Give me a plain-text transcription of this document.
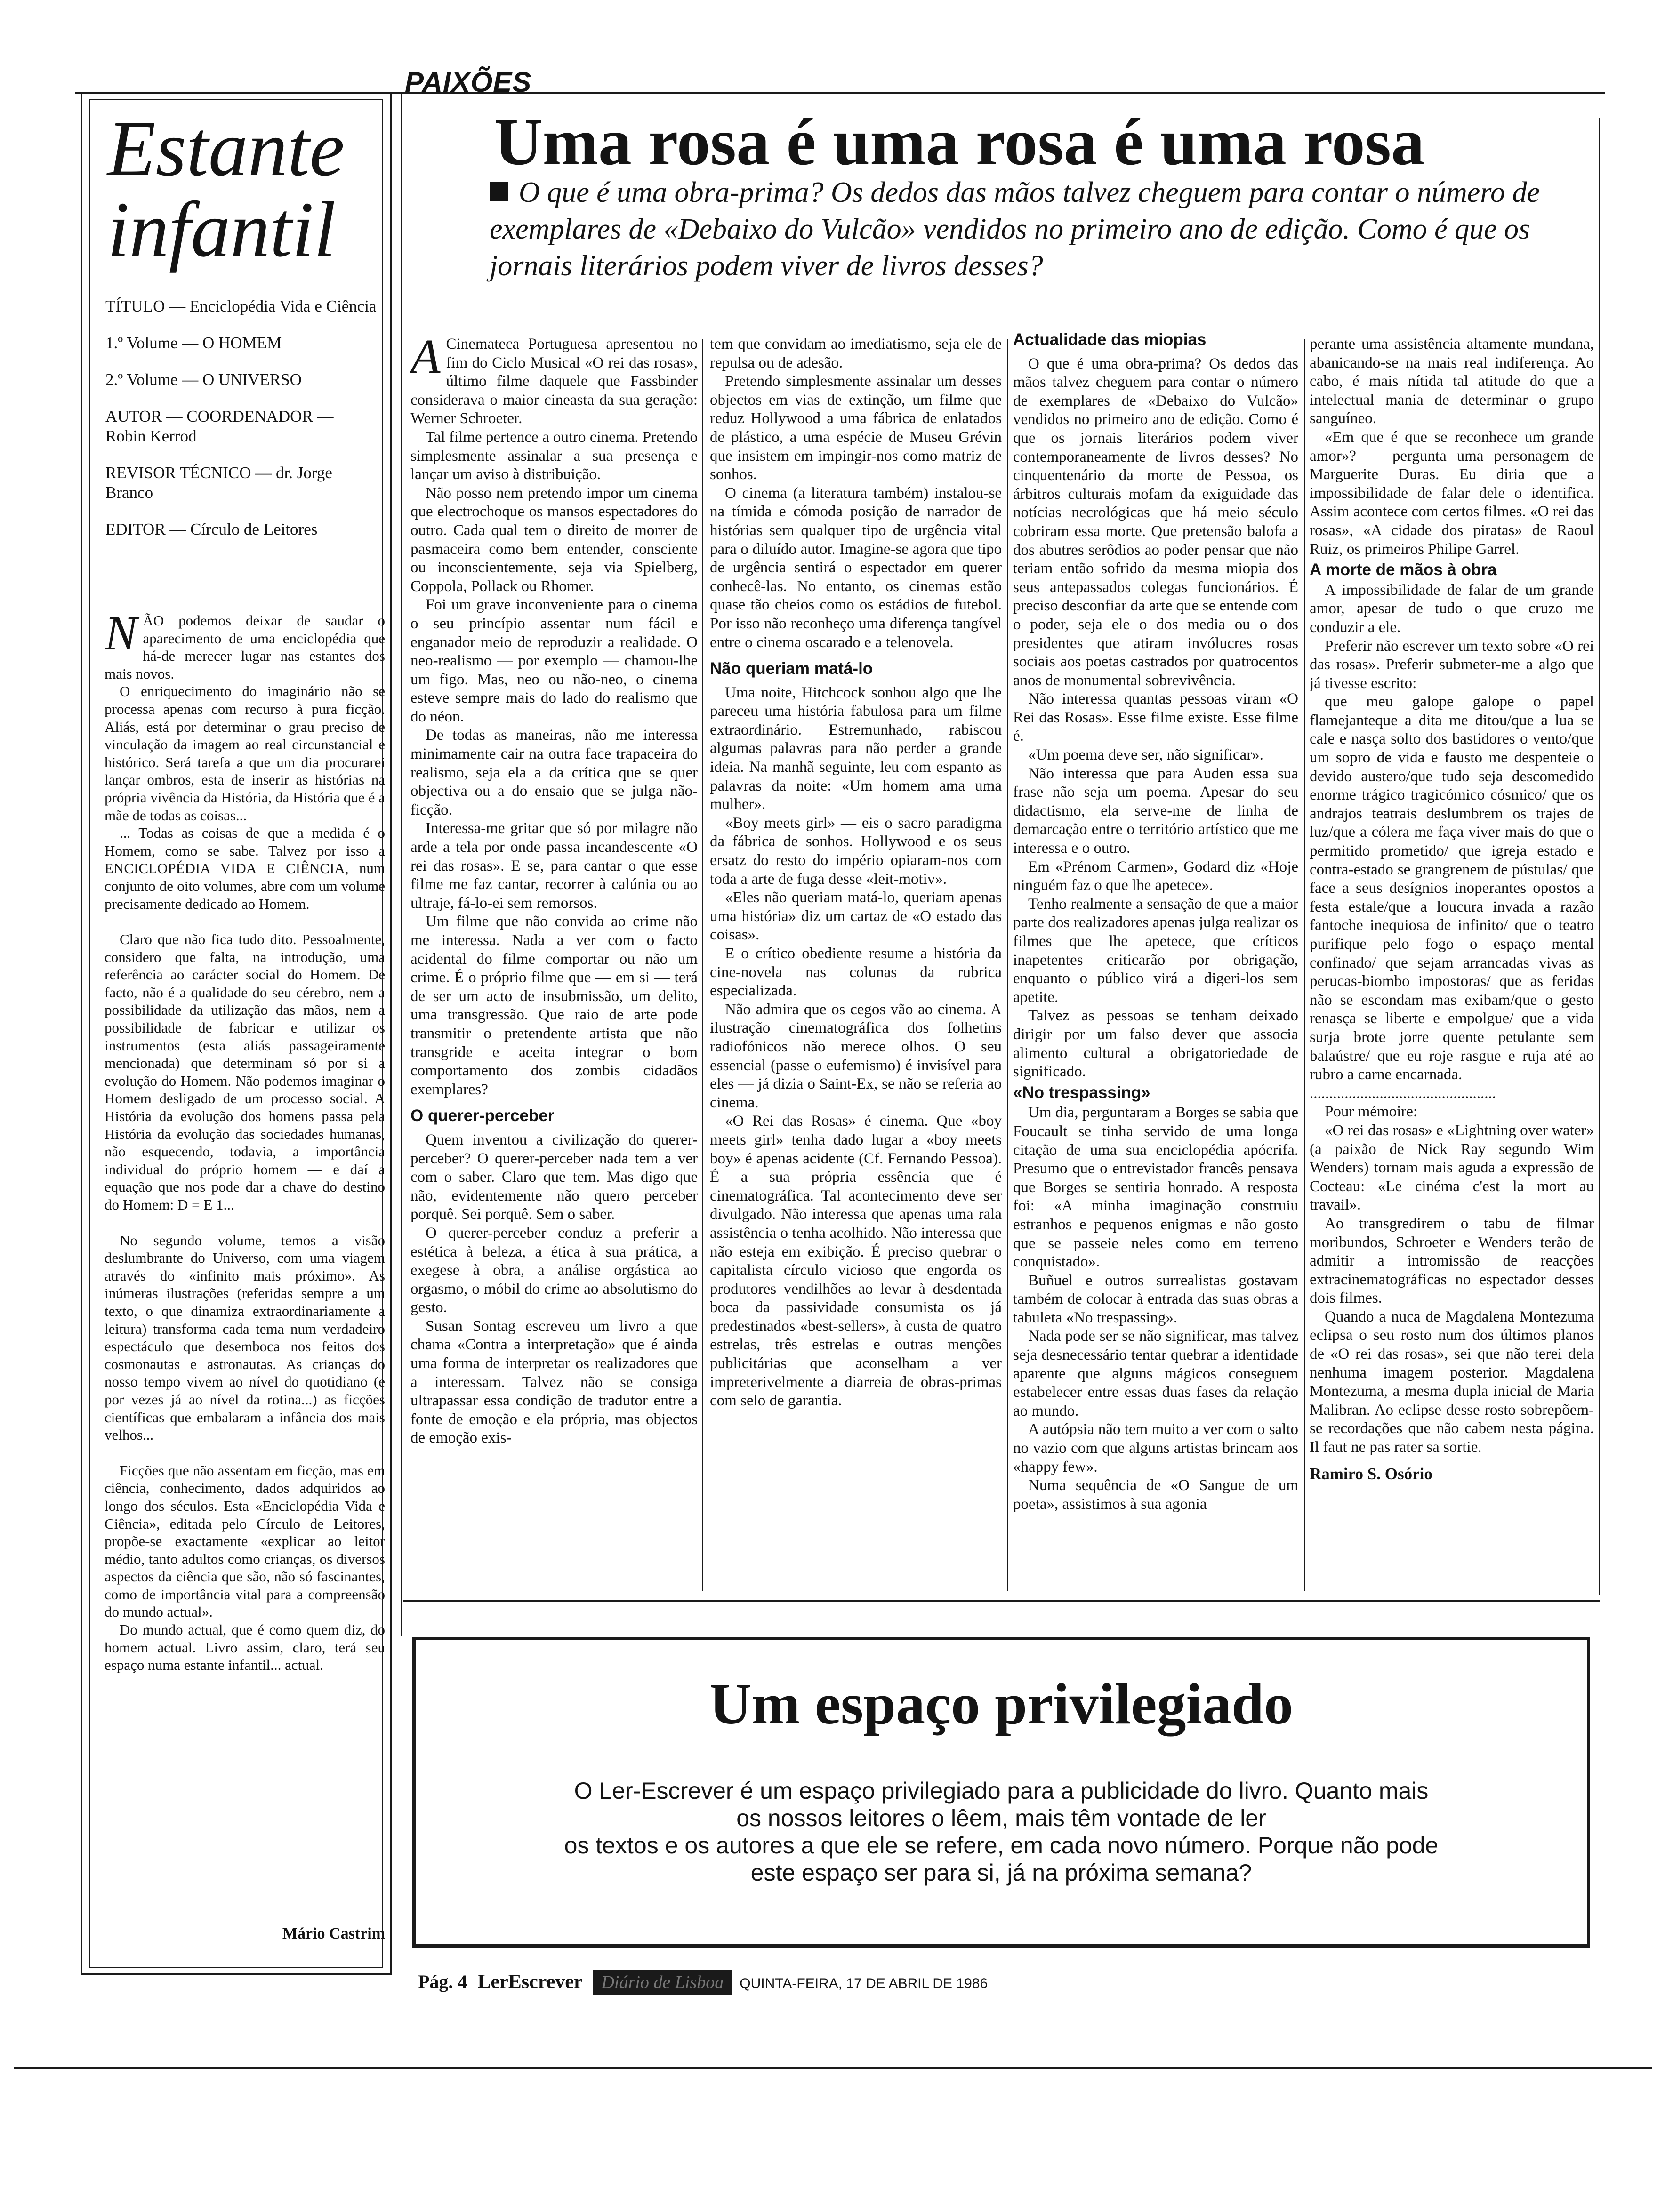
Estante
infantil
TÍTULO — Enciclopédia Vida e Ciência
1.º Volume — O HOMEM
2.º Volume — O UNIVERSO
AUTOR — COORDENADOR — Robin Kerrod
REVISOR TÉCNICO — dr. Jorge Branco
EDITOR — Círculo de Leitores

NÃO podemos deixar de saudar o aparecimento de uma enciclopédia que há-de merecer lugar nas estantes dos mais novos.

O enriquecimento do imaginário não se processa apenas com recurso à pura ficção. Aliás, está por determinar o grau preciso de vinculação da imagem ao real circunstancial e histórico. Será tarefa a que um dia procurarei lançar ombros, esta de inserir as histórias na própria vivência da História, da História que é a mãe de todas as coisas...

... Todas as coisas de que a medida é o Homem, como se sabe. Talvez por isso a ENCICLOPÉDIA VIDA E CIÊNCIA, num conjunto de oito volumes, abre com um volume precisamente dedicado ao Homem.

Claro que não fica tudo dito. Pessoalmente, considero que falta, na introdução, uma referência ao carácter social do Homem. De facto, não é a qualidade do seu cérebro, nem a possibilidade da utilização das mãos, nem a possibilidade de fabricar e utilizar os instrumentos (esta aliás passageiramente mencionada) que determinam só por si a evolução do Homem. Não podemos imaginar o Homem desligado de um processo social. A História da evolução dos homens passa pela História da evolução das sociedades humanas, não esquecendo, todavia, a importância individual do próprio homem — e daí a equação que nos pode dar a chave do destino do Homem: D = E 1...

No segundo volume, temos a visão deslumbrante do Universo, com uma viagem através do «infinito mais próximo». As inúmeras ilustrações (referidas sempre a um texto, o que dinamiza extraordinariamente a leitura) transforma cada tema num verdadeiro espectáculo que desemboca nos feitos dos cosmonautas e astronautas. As crianças do nosso tempo vivem ao nível do quotidiano (e por vezes já ao nível da rotina...) as ficções científicas que embalaram a infância dos mais velhos...

Ficções que não assentam em ficção, mas em ciência, conhecimento, dados adquiridos ao longo dos séculos. Esta «Enciclopédia Vida e Ciência», editada pelo Círculo de Leitores, propõe-se exactamente «explicar ao leitor médio, tanto adultos como crianças, os diversos aspectos da ciência que são, não só fascinantes, como de importância vital para a compreensão do mundo actual».

Do mundo actual, que é como quem diz, do homem actual. Livro assim, claro, terá seu espaço numa estante infantil... actual.

Mário Castrim
PAIXÕES
Uma rosa é uma rosa é uma rosa
O que é uma obra-prima? Os dedos das mãos talvez cheguem para contar o número de exemplares de «Debaixo do Vulcão» vendidos no primeiro ano de edição. Como é que os jornais literários podem viver de livros desses?

A Cinemateca Portuguesa apresentou no fim do Ciclo Musical «O rei das rosas», último filme daquele que Fassbinder considerava o maior cineasta da sua geração: Werner Schroeter.

Tal filme pertence a outro cinema. Pretendo simplesmente assinalar a sua presença e lançar um aviso à distribuição.

Não posso nem pretendo impor um cinema que electrochoque os mansos espectadores do outro. Cada qual tem o direito de morrer de pasmaceira como bem entender, consciente ou inconscientemente, seja via Spielberg, Coppola, Pollack ou Rhomer.

Foi um grave inconveniente para o cinema o seu princípio assentar num fácil e enganador meio de reproduzir a realidade. O neo-realismo — por exemplo — chamou-lhe um figo. Mas, neo ou não-neo, o cinema esteve sempre mais do lado do realismo que do néon.

De todas as maneiras, não me interessa minimamente cair na outra face trapaceira do realismo, seja ela a da crítica que se quer objectiva ou a do ensaio que se julga não-ficção.

Interessa-me gritar que só por milagre não arde a tela por onde passa incandescente «O rei das rosas». E se, para cantar o que esse filme me faz cantar, recorrer à calúnia ou ao ultraje, fá-lo-ei sem remorsos.

Um filme que não convida ao crime não me interessa. Nada a ver com o facto acidental do filme comportar ou não um crime. É o próprio filme que — em si — terá de ser um acto de insubmissão, um delito, uma transgressão. Que raio de arte pode transmitir o pretendente artista que não transgride e aceita integrar o bom comportamento dos zombis cidadãos exemplares?

O querer-perceber

Quem inventou a civilização do querer-perceber? O querer-perceber nada tem a ver com o saber. Claro que tem. Mas digo que não, evidentemente não quero perceber porquê. Sei porquê. Sem o saber.

O querer-perceber conduz a preferir a estética à beleza, a ética à sua prática, a exegese à obra, a análise orgástica ao orgasmo, o móbil do crime ao absolutismo do gesto.

Susan Sontag escreveu um livro a que chama «Contra a interpretação» que é ainda uma forma de interpretar os realizadores que a interessam. Talvez não se consiga ultrapassar essa condição de tradutor entre a fonte de emoção e ela própria, mas objectos de emoção exis-

tem que convidam ao imediatismo, seja ele de repulsa ou de adesão.

Pretendo simplesmente assinalar um desses objectos em vias de extinção, um filme que reduz Hollywood a uma fábrica de enlatados de plástico, a uma espécie de Museu Grévin que insistem em impingir-nos como matriz de sonhos.

O cinema (a literatura também) instalou-se na tímida e cómoda posição de narrador de histórias sem qualquer tipo de urgência vital para o diluído autor. Imagine-se agora que tipo de urgência sentirá o espectador em querer conhecê-las. No entanto, os cinemas estão quase tão cheios como os estádios de futebol. Por isso não reconheço uma diferença tangível entre o cinema oscarado e a telenovela.

Não queriam matá-lo

Uma noite, Hitchcock sonhou algo que lhe pareceu uma história fabulosa para um filme extraordinário. Estremunhado, rabiscou algumas palavras para não perder a grande ideia. Na manhã seguinte, leu com espanto as palavras da noite: «Um homem ama uma mulher».

«Boy meets girl» — eis o sacro paradigma da fábrica de sonhos. Hollywood e os seus ersatz do resto do império opiaram-nos com toda a arte de fuga desse «leit-motiv».

«Eles não queriam matá-lo, queriam apenas uma história» diz um cartaz de «O estado das coisas».

E o crítico obediente resume a história da cine-novela nas colunas da rubrica especializada.

Não admira que os cegos vão ao cinema. A ilustração cinematográfica dos folhetins radiofónicos não merece olhos. O seu essencial (passe o eufemismo) é invisível para eles — já dizia o Saint-Ex, se não se referia ao cinema.

«O Rei das Rosas» é cinema. Que «boy meets girl» tenha dado lugar a «boy meets boy» é apenas acidente (Cf. Fernando Pessoa). É a sua própria essência que é cinematográfica. Tal acontecimento deve ser divulgado. Não interessa que apenas uma rala assistência o tenha acolhido. Não interessa que não esteja em exibição. É preciso quebrar o capitalista círculo vicioso que engorda os produtores vendilhões ao levar à desdentada boca da passividade consumista os já predestinados «best-sellers», à custa de quatro estrelas, três estrelas e outras menções publicitárias que aconselham a ver impreterivelmente a diarreia de obras-primas com selo de garantia.

Actualidade das miopias

O que é uma obra-prima? Os dedos das mãos talvez cheguem para contar o número de exemplares de «Debaixo do Vulcão» vendidos no primeiro ano de edição. Como é que os jornais literários podem viver contemporaneamente de livros desses? No cinquentenário da morte de Pessoa, os árbitros culturais mofam da exiguidade das notícias necrológicas que há meio século cobriram essa morte. Que pretensão balofa a dos abutres serôdios ao poder pensar que não teriam então sofrido da mesma miopia dos seus antepassados colegas funcionários. É preciso desconfiar da arte que se entende com o poder, seja ele o dos media ou o dos presidentes que atiram invólucres rosas sociais aos poetas castrados por quatrocentos anos de monumental sobrevivência.

Não interessa quantas pessoas viram «O Rei das Rosas». Esse filme existe. Esse filme é.

«Um poema deve ser, não significar».

Não interessa que para Auden essa sua frase não seja um poema. Apesar do seu didactismo, ela serve-me de linha de demarcação entre o território artístico que me interessa e o outro.

Em «Prénom Carmen», Godard diz «Hoje ninguém faz o que lhe apetece».

Tenho realmente a sensação de que a maior parte dos realizadores apenas julga realizar os filmes que lhe apetece, que críticos inapetentes criticarão por obrigação, enquanto o público virá a digeri-los sem apetite.

Talvez as pessoas se tenham deixado dirigir por um falso dever que associa alimento cultural a obrigatoriedade de significado.

«No trespassing»

Um dia, perguntaram a Borges se sabia que Foucault se tinha servido de uma longa citação de uma sua enciclopédia apócrifa. Presumo que o entrevistador francês pensava que Borges se sentiria honrado. A resposta foi: «A minha imaginação construiu estranhos e pequenos enigmas e não gosto que se passeie neles como em terreno conquistado».

Buñuel e outros surrealistas gostavam também de colocar à entrada das suas obras a tabuleta «No trespassing».

Nada pode ser se não significar, mas talvez seja desnecessário tentar quebrar a identidade aparente que alguns mágicos conseguem estabelecer entre essas duas fases da relação ao mundo.

A autópsia não tem muito a ver com o salto no vazio com que alguns artistas brincam aos «happy few».

Numa sequência de «O Sangue de um poeta», assistimos à sua agonia

perante uma assistência altamente mundana, abanicando-se na mais real indiferença. Ao cabo, é mais nítida tal atitude do que a intelectual mania de determinar o grupo sanguíneo.

«Em que é que se reconhece um grande amor»? — pergunta uma personagem de Marguerite Duras. Eu diria que a impossibilidade de falar dele o identifica. Assim acontece com certos filmes. «O rei das rosas», «A cidade dos piratas» de Raoul Ruiz, os primeiros Philipe Garrel.

A morte de mãos à obra

A impossibilidade de falar de um grande amor, apesar de tudo o que cruzo me conduzir a ele.

Preferir não escrever um texto sobre «O rei das rosas». Preferir submeter-me a algo que já tivesse escrito:

que meu galope galope o papel flamejanteque a dita me ditou/que a lua se cale e nasça solto dos bastidores o vento/que um sopro de vida e fausto me despenteie o devido austero/que tudo seja descomedido enorme trágico tragicómico cósmico/ que os andrajos teatrais deslumbrem os trajes de luz/que a cólera me faça viver mais do que o permitido prometido/ que igreja estado e contra-estado se grangrenem de pústulas/ que face a seus desígnios inoperantes opostos a festa estale/que a loucura invada a razão fantoche inequiosa de infinito/ que o teatro purifique pelo fogo o espaço mental confinado/ que sejam arrancadas vivas as perucas-biombo impostoras/ que as feridas não se escondam mas exibam/que o gesto renasça se liberte e empolgue/ que a vida surja brote jorre quente petulante sem balaústre/ que eu roje rasgue e ruja até ao rubro a carne encarnada.

................................................

Pour mémoire:

«O rei das rosas» e «Lightning over water» (a paixão de Nick Ray segundo Wim Wenders) tornam mais aguda a expressão de Cocteau: «Le cinéma c'est la mort au travail».

Ao transgredirem o tabu de filmar moribundos, Schroeter e Wenders terão de admitir a intromissão de reacções extracinematográficas no espectador desses dois filmes.

Quando a nuca de Magdalena Montezuma eclipsa o seu rosto num dos últimos planos de «O rei das rosas», sei que não terei dela nenhuma imagem posterior. Magdalena Montezuma, a mesma dupla inicial de Maria Malibran. Ao eclipse desse rosto sobrepõem-se recordações que não cabem nesta página. Il faut ne pas rater sa sortie.

Ramiro S. Osório
Um espaço privilegiado
O Ler-Escrever é um espaço privilegiado para a publicidade do livro. Quanto mais
os nossos leitores o lêem, mais têm vontade de ler
os textos e os autores a que ele se refere, em cada novo número. Porque não pode
este espaço ser para si, já na próxima semana?
Pág. 4 LerEscrever Diário de Lisboa QUINTA-FEIRA, 17 DE ABRIL DE 1986
